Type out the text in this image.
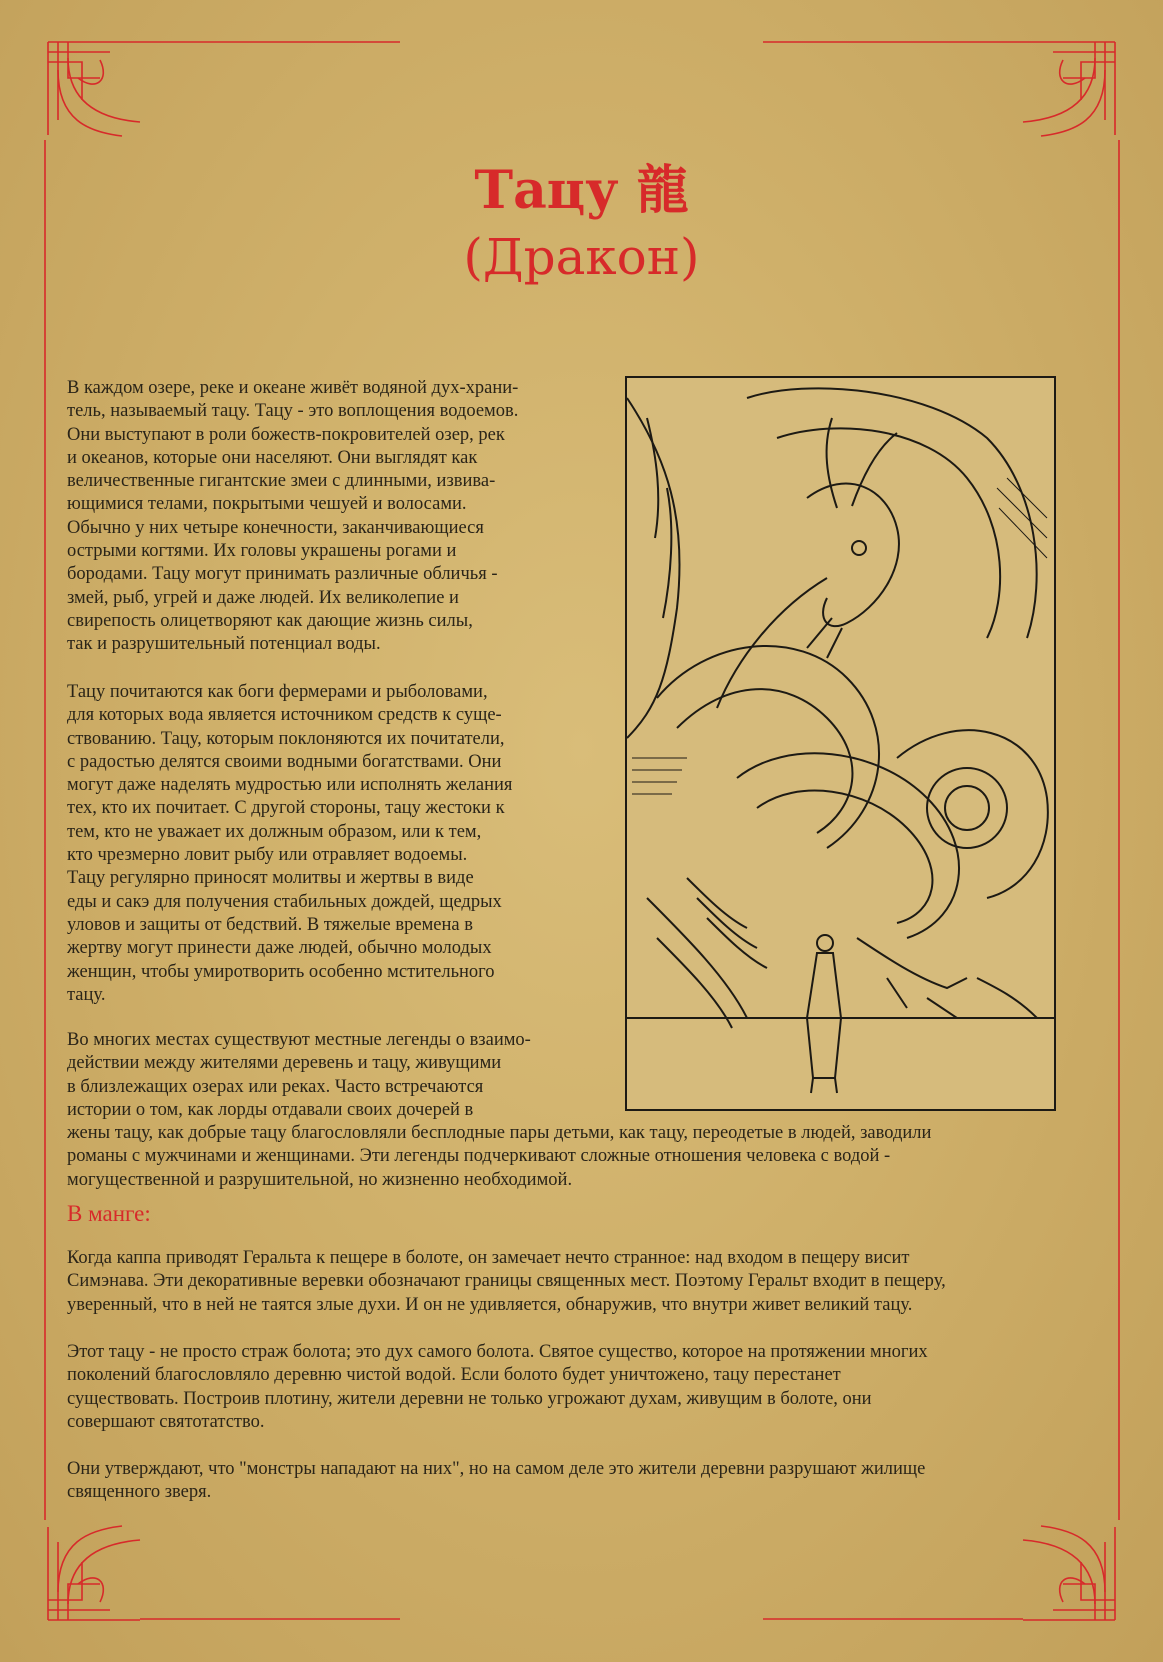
Тацу 龍
(Дракон)

В каждом озере, реке и океане живёт водяной дух-храни-
тель, называемый тацу. Тацу - это воплощения водоемов.
Они выступают в роли божеств-покровителей озер, рек
и океанов, которые они населяют. Они выглядят как
величественные гигантские змеи с длинными, извива-
ющимися телами, покрытыми чешуей и волосами.
Обычно у них четыре конечности, заканчивающиеся
острыми когтями. Их головы украшены рогами и
бородами. Тацу могут принимать различные обличья -
змей, рыб, угрей и даже людей. Их великолепие и
свирепость олицетворяют как дающие жизнь силы,
так и разрушительный потенциал воды.

Тацу почитаются как боги фермерами и рыболовами,
для которых вода является источником средств к суще-
ствованию. Тацу, которым поклоняются их почитатели,
с радостью делятся своими водными богатствами. Они
могут даже наделять мудростью или исполнять желания
тех, кто их почитает. С другой стороны, тацу жестоки к
тем, кто не уважает их должным образом, или к тем,
кто чрезмерно ловит рыбу или отравляет водоемы.
Тацу регулярно приносят молитвы и жертвы в виде
еды и сакэ для получения стабильных дождей, щедрых
уловов и защиты от бедствий. В тяжелые времена в
жертву могут принести даже людей, обычно молодых
женщин, чтобы умиротворить особенно мстительного
тацу.

Во многих местах существуют местные легенды о взаимо-
действии между жителями деревень и тацу, живущими
в близлежащих озерах или реках. Часто встречаются
истории о том, как лорды отдавали своих дочерей в
жены тацу, как добрые тацу благословляли бесплодные пары детьми, как тацу, переодетые в людей, заводили
романы с мужчинами и женщинами. Эти легенды подчеркивают сложные отношения человека с водой -
могущественной и разрушительной, но жизненно необходимой.

В манге:

Когда каппа приводят Геральта к пещере в болоте, он замечает нечто странное: над входом в пещеру висит
Симэнава. Эти декоративные веревки обозначают границы священных мест. Поэтому Геральт входит в пещеру,
уверенный, что в ней не таятся злые духи. И он не удивляется, обнаружив, что внутри живет великий тацу.

Этот тацу - не просто страж болота; это дух самого болота. Святое существо, которое на протяжении многих
поколений благословляло деревню чистой водой. Если болото будет уничтожено, тацу перестанет
существовать. Построив плотину, жители деревни не только угрожают духам, живущим в болоте, они
совершают святотатство.

Они утверждают, что "монстры нападают на них", но на самом деле это жители деревни разрушают жилище
священного зверя.
